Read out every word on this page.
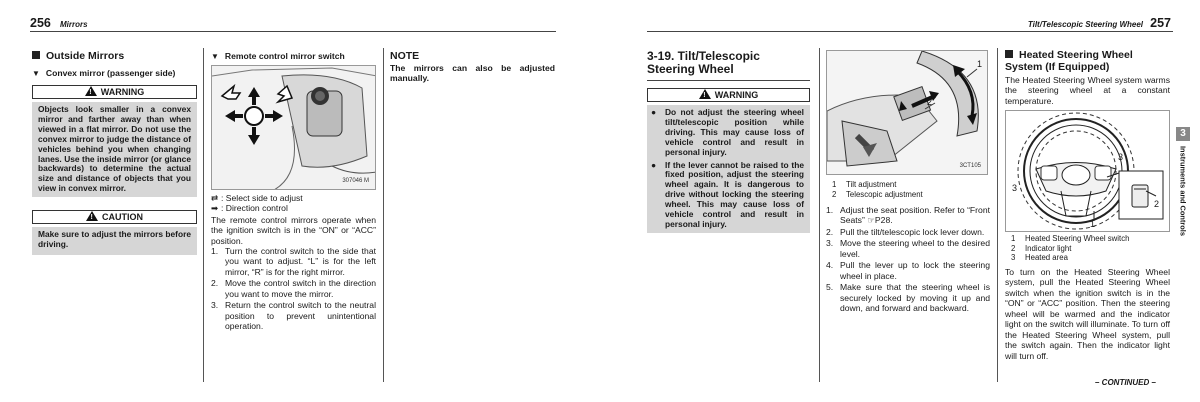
256 Mirrors
Outside Mirrors
▼ Convex mirror (passenger side)
!WARNING
Objects look smaller in a convex mirror and farther away than when viewed in a flat mirror. Do not use the convex mirror to judge the distance of vehicles behind you when changing lanes. Use the inside mirror (or glance backwards) to determine the actual size and distance of objects that you view in convex mirror.
!CAUTION
Make sure to adjust the mirrors before driving.
▼ Remote control mirror switch
307046 M
⇄ : Select side to adjust
➡ : Direction control
The remote control mirrors operate when the ignition switch is in the “ON” or “ACC” position.
1. Turn the control switch to the side that you want to adjust. “L” is for the left mirror, “R” is for the right mirror.
2. Move the control switch in the direction you want to move the mirror.
3. Return the control switch to the neutral position to prevent unintentional operation.
NOTE
The mirrors can also be adjusted manually.
Tilt/Telescopic Steering Wheel 257
3-19. Tilt/Telescopic Steering Wheel
!WARNING
●	Do not adjust the steering wheel tilt/telescopic position while driving. This may cause loss of vehicle control and result in personal injury.
●	If the lever cannot be raised to the fixed position, adjust the steering wheel again. It is dangerous to drive without locking the steering wheel. This may cause loss of vehicle control and result in personal injury.
1
2
3CT105
1	Tilt adjustment
2	Telescopic adjustment
1. Adjust the seat position. Refer to “Front Seats” ☞P28.
2. Pull the tilt/telescopic lock lever down.
3. Move the steering wheel to the desired level.
4. Pull the lever up to lock the steering wheel in place.
5. Make sure that the steering wheel is securely locked by moving it up and down, and forward and backward.
Heated Steering Wheel System (If Equipped)
The Heated Steering Wheel system warms the steering wheel at a constant temperature.
3
3
2
1
1	Heated Steering Wheel switch
2	Indicator light
3	Heated area
To turn on the Heated Steering Wheel system, pull the Heated Steering Wheel switch when the ignition switch is in the “ON” or “ACC” position. Then the steering wheel will be warmed and the indicator light on the switch will illuminate. To turn off the Heated Steering Wheel system, pull the switch again. Then the indicator light will turn off.
– CONTINUED –
3
Instruments and Controls
